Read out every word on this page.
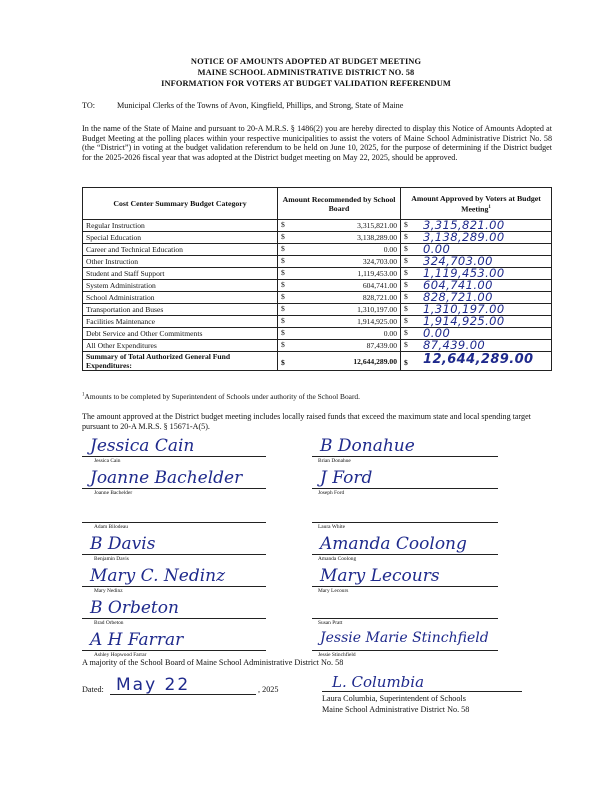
NOTICE OF AMOUNTS ADOPTED AT BUDGET MEETING
MAINE SCHOOL ADMINISTRATIVE DISTRICT NO. 58
INFORMATION FOR VOTERS AT BUDGET VALIDATION REFERENDUM
TO:	Municipal Clerks of the Towns of Avon, Kingfield, Phillips, and Strong, State of Maine
In the name of the State of Maine and pursuant to 20-A M.R.S. § 1486(2) you are hereby directed to display this Notice of Amounts Adopted at Budget Meeting at the polling places within your respective municipalities to assist the voters of Maine School Administrative District No. 58 (the “District”) in voting at the budget validation referendum to be held on June 10, 2025, for the purpose of determining if the District budget for the 2025-2026 fiscal year that was adopted at the District budget meeting on May 22, 2025, should be approved.
Cost Center Summary Budget Category	Amount Recommended by School Board	Amount Approved by Voters at Budget Meeting$^1$
Regular Instruction	$ 3,315,821.00	$ 3,315,821.00

Special Education	$ 3,138,289.00	$ 3,138,289.00

Career and Technical Education	$ 0.00	$ 0.00

Other Instruction	$ 324,703.00	$ 324,703.00

Student and Staff Support	$ 1,119,453.00	$ 1,119,453.00

System Administration	$ 604,741.00	$ 604,741.00

School Administration	$ 828,721.00	$ 828,721.00

Transportation and Buses	$ 1,310,197.00	$ 1,310,197.00

Facilities Maintenance	$ 1,914,925.00	$ 1,914,925.00

Debt Service and Other Commitments	$ 0.00	$ 0.00

All Other Expenditures	$ 87,439.00	$ 87,439.00

Summary of Total Authorized General Fund Expenditures:	$ 12,644,289.00	$ 12,644,289.00
$^1$Amounts to be completed by Superintendent of Schools under authority of the School Board.
The amount approved at the District budget meeting includes locally raised funds that exceed the maximum state and local spending target pursuant to 20-A M.R.S. § 15671-A(5).
Jessica Cain
Jessica Cain
Joanne Bachelder
Joanne Bachelder
Adam Bilodeau
B Davis
Benjamin Davis
Mary C. Nedinz
Mary Nedinz
B Orbeton
Brad Orbeton
A H Farrar
Ashley Hopwood Farrar
B Donahue
Brian Donahue
J Ford
Joseph Ford
Laura White
Amanda Coolong
Amanda Coolong
Mary Lecours
Mary Lecours
Susan Pratt
Jessie Marie Stinchfield
Jessie Stinchfield
A majority of the School Board of Maine School Administrative District No. 58
Dated: May 22	, 2025	L. Columbia
Laura Columbia, Superintendent of Schools
Maine School Administrative District No. 58
